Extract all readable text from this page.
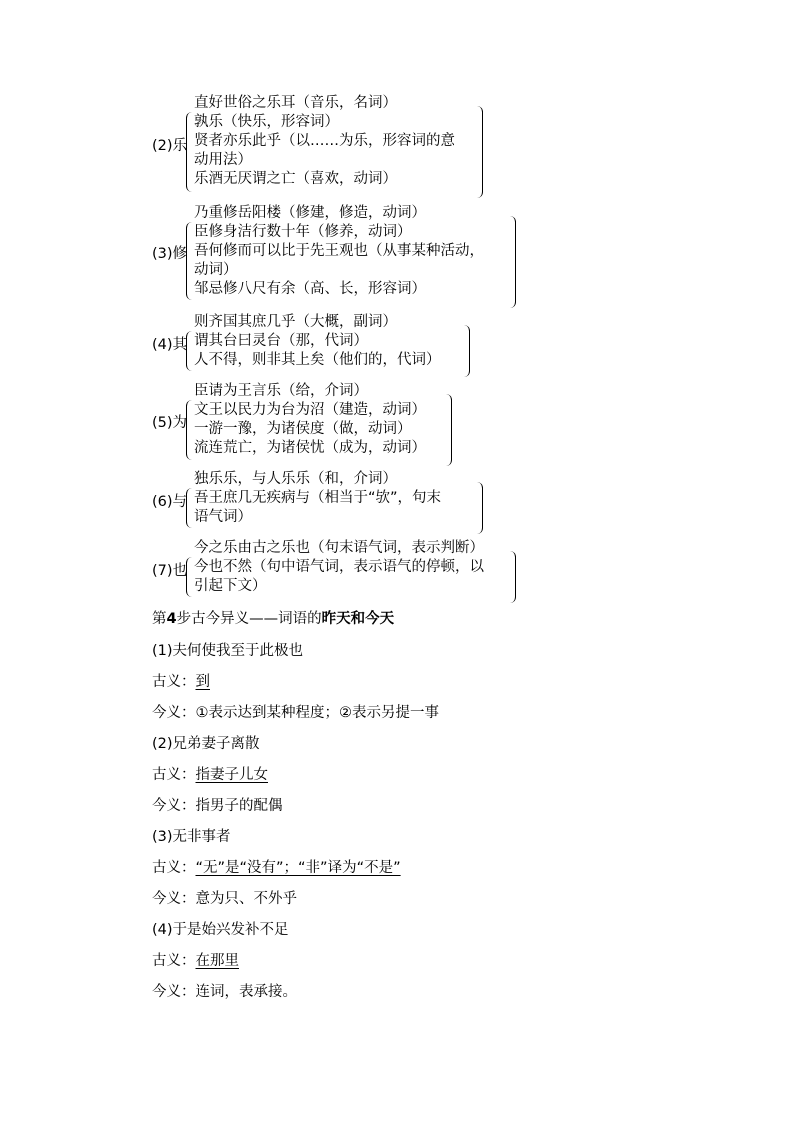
(2)乐
直好世俗之乐耳（音乐，名词）
孰乐（快乐，形容词）
贤者亦乐此乎（以……为乐，形容词的意
动用法）
乐酒无厌谓之亡（喜欢，动词）
(3)修
乃重修岳阳楼（修建，修造，动词）
臣修身洁行数十年（修养，动词）
吾何修而可以比于先王观也（从事某种活动，
动词）
邹忌修八尺有余（高、长，形容词）
(4)其
则齐国其庶几乎（大概，副词）
谓其台曰灵台（那，代词）
人不得，则非其上矣（他们的，代词）
(5)为
臣请为王言乐（给，介词）
文王以民力为台为沼（建造，动词）
一游一豫，为诸侯度（做，动词）
流连荒亡，为诸侯忧（成为，动词）
(6)与
独乐乐，与人乐乐（和，介词）
吾王庶几无疾病与（相当于“欤”，句末
语气词）
(7)也
今之乐由古之乐也（句末语气词，表示判断）
今也不然（句中语气词，表示语气的停顿，以
引起下文）
第4步古今异义——词语的昨天和今天
(1)夫何使我至于此极也
古义：到
今义：①表示达到某种程度；②表示另提一事
(2)兄弟妻子离散
古义：指妻子儿女
今义：指男子的配偶
(3)无非事者
古义：“无”是“没有”；“非”译为“不是”
今义：意为只、不外乎
(4)于是始兴发补不足
古义：在那里
今义：连词，表承接。
